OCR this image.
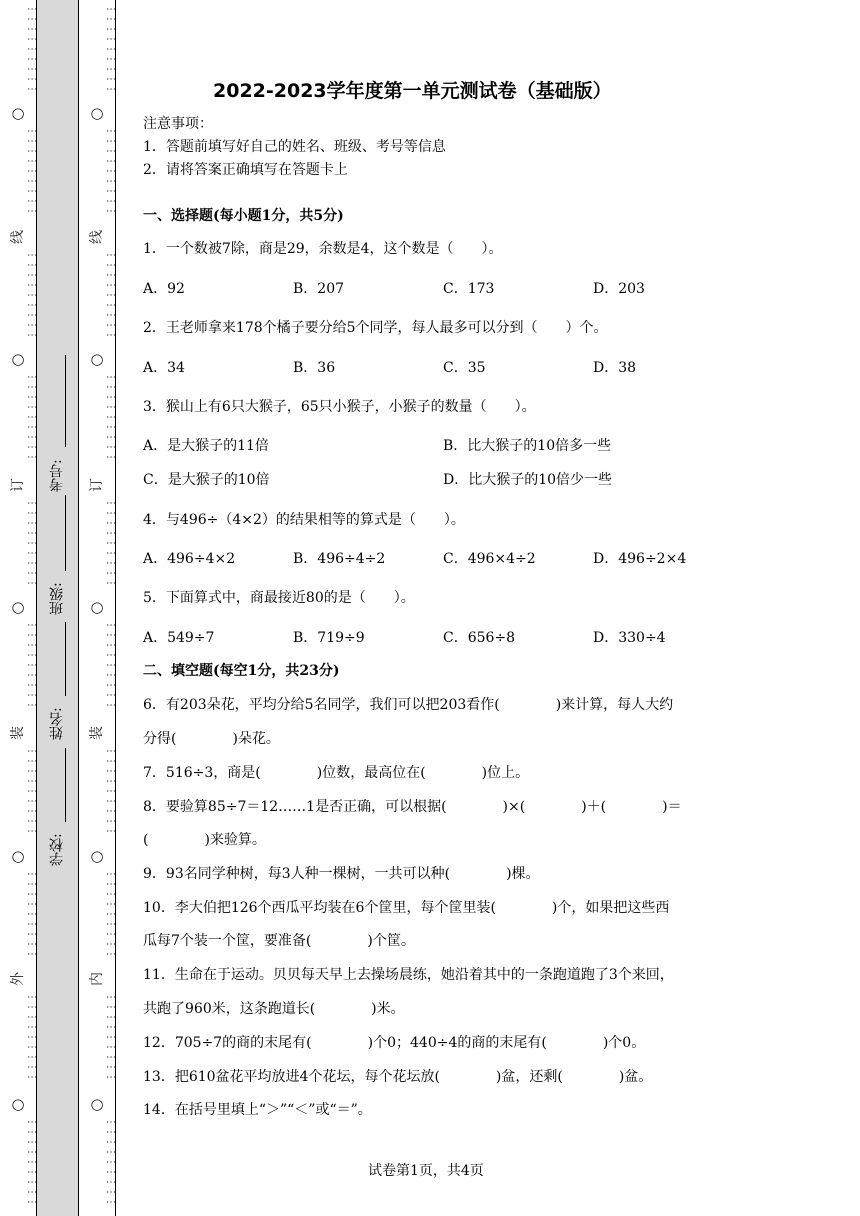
⋮⋮⋮⋮⋮⋮⋮⋮⋮
○
⋮⋮⋮⋮⋮⋮⋮⋮⋮
线
⋮⋮⋮⋮⋮⋮⋮⋮⋮
○
⋮⋮⋮⋮⋮⋮⋮⋮⋮
订
⋮⋮⋮⋮⋮⋮⋮⋮⋮
○
⋮⋮⋮⋮⋮⋮⋮⋮⋮
装
⋮⋮⋮⋮⋮⋮⋮⋮⋮
○
⋮⋮⋮⋮⋮⋮⋮⋮⋮
外
⋮⋮⋮⋮⋮⋮⋮⋮⋮
○
⋮⋮⋮⋮⋮⋮⋮⋮⋮
⋮⋮⋮⋮⋮⋮⋮⋮⋮
○
⋮⋮⋮⋮⋮⋮⋮⋮⋮
线
⋮⋮⋮⋮⋮⋮⋮⋮⋮
○
⋮⋮⋮⋮⋮⋮⋮⋮⋮
订
⋮⋮⋮⋮⋮⋮⋮⋮⋮
○
⋮⋮⋮⋮⋮⋮⋮⋮⋮
装
⋮⋮⋮⋮⋮⋮⋮⋮⋮
○
⋮⋮⋮⋮⋮⋮⋮⋮⋮
内
⋮⋮⋮⋮⋮⋮⋮⋮⋮
○
⋮⋮⋮⋮⋮⋮⋮⋮⋮
考号:
班级:
姓名:
学校:
2022-2023学年度第一单元测试卷（基础版）
注意事项：
1．答题前填写好自己的姓名、班级、考号等信息
2．请将答案正确填写在答题卡上
一、选择题(每小题1分，共5分)
1．一个数被7除，商是29，余数是4，这个数是（　　）。
A．92	B．207	C．173	D．203
2．王老师拿来178个橘子要分给5个同学，每人最多可以分到（　　）个。
A．34	B．36	C．35	D．38
3．猴山上有6只大猴子，65只小猴子，小猴子的数量（　　）。
A．是大猴子的11倍	B．比大猴子的10倍多一些
C．是大猴子的10倍	D．比大猴子的10倍少一些
4．与496÷（4×2）的结果相等的算式是（　　）。
A．496÷4×2	B．496÷4÷2	C．496×4÷2	D．496÷2×4
5．下面算式中，商最接近80的是（　　）。
A．549÷7	B．719÷9	C．656÷8	D．330÷4
二、填空题(每空1分，共23分)
6．有203朵花，平均分给5名同学，我们可以把203看作(　　　　)来计算，每人大约
分得(　　　　)朵花。
7．516÷3，商是(　　　　)位数，最高位在(　　　　)位上。
8．要验算85÷7＝12……1是否正确，可以根据(　　　　)×(　　　　)＋(　　　　)＝
(　　　　)来验算。
9．93名同学种树，每3人种一棵树，一共可以种(　　　　)棵。
10．李大伯把126个西瓜平均装在6个筐里，每个筐里装(　　　　)个，如果把这些西
瓜每7个装一个筐，要准备(　　　　)个筐。
11．生命在于运动。贝贝每天早上去操场晨练，她沿着其中的一条跑道跑了3个来回，
共跑了960米，这条跑道长(　　　　)米。
12．705÷7的商的末尾有(　　　　)个0；440÷4的商的末尾有(　　　　)个0。
13．把610盆花平均放进4个花坛，每个花坛放(　　　　)盆，还剩(　　　　)盆。
14．在括号里填上“＞”“＜”或“＝”。
试卷第1页，共4页
